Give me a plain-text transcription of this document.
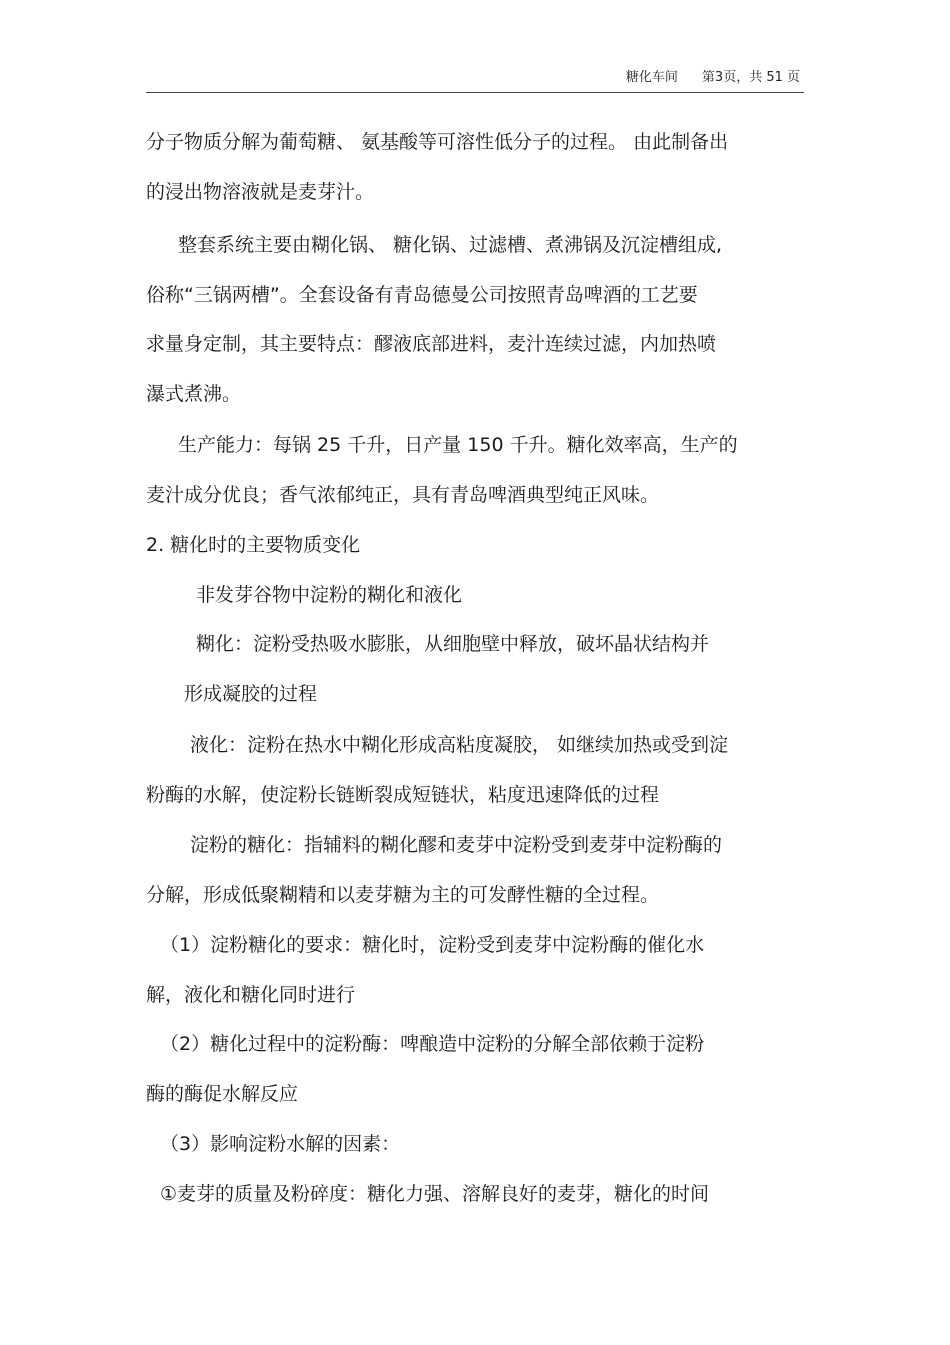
糖化车间 第3页，共 51 页
分子物质分解为葡萄糖、 氨基酸等可溶性低分子的过程。 由此制备出
的浸出物溶液就是麦芽汁。
整套系统主要由糊化锅、 糖化锅、过滤槽、煮沸锅及沉淀槽组成,
俗称“三锅两槽”。全套设备有青岛德曼公司按照青岛啤酒的工艺要
求量身定制，其主要特点：醪液底部进料，麦汁连续过滤，内加热喷
瀑式煮沸。
生产能力：每锅 25 千升，日产量 150 千升。糖化效率高，生产的
麦汁成分优良；香气浓郁纯正，具有青岛啤酒典型纯正风味。
2. 糖化时的主要物质变化
非发芽谷物中淀粉的糊化和液化
糊化：淀粉受热吸水膨胀，从细胞壁中释放，破坏晶状结构并
形成凝胶的过程
液化：淀粉在热水中糊化形成高粘度凝胶， 如继续加热或受到淀
粉酶的水解，使淀粉长链断裂成短链状，粘度迅速降低的过程
淀粉的糖化：指辅料的糊化醪和麦芽中淀粉受到麦芽中淀粉酶的
分解，形成低聚糊精和以麦芽糖为主的可发酵性糖的全过程。
（1）淀粉糖化的要求：糖化时，淀粉受到麦芽中淀粉酶的催化水
解，液化和糖化同时进行
（2）糖化过程中的淀粉酶：啤酿造中淀粉的分解全部依赖于淀粉
酶的酶促水解反应
（3）影响淀粉水解的因素：
①麦芽的质量及粉碎度：糖化力强、溶解良好的麦芽，糖化的时间
